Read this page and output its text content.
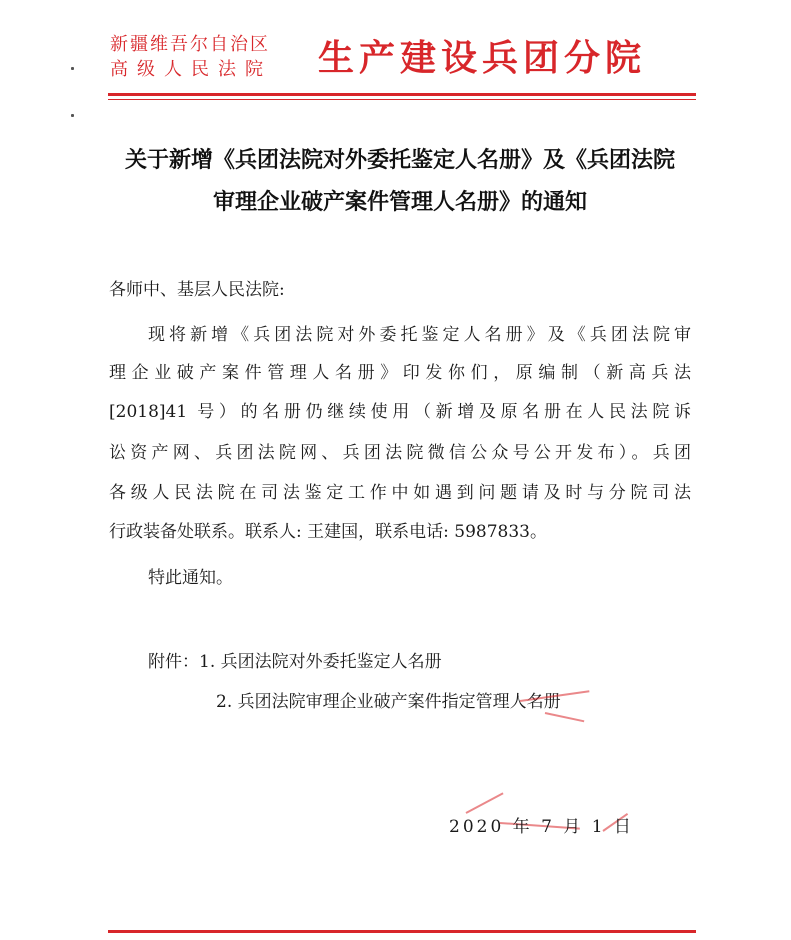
新疆维吾尔自治区
高级人民法院 生产建设兵团分院
关于新增《兵团法院对外委托鉴定人名册》及《兵团法院
审理企业破产案件管理人名册》的通知
各师中、基层人民法院:
现将新增《兵团法院对外委托鉴定人名册》及《兵团法院审
理企业破产案件管理人名册》印发你们，原编制（新高兵法
[2018]41 号）的名册仍继续使用（新增及原名册在人民法院诉
讼资产网、兵团法院网、兵团法院微信公众号公开发布）。兵团
各级人民法院在司法鉴定工作中如遇到问题请及时与分院司法
行政装备处联系。联系人: 王建国，联系电话: 5987833。
特此通知。
附件：1. 兵团法院对外委托鉴定人名册
2. 兵团法院审理企业破产案件指定管理人名册
2020 年 7 月 1 日
